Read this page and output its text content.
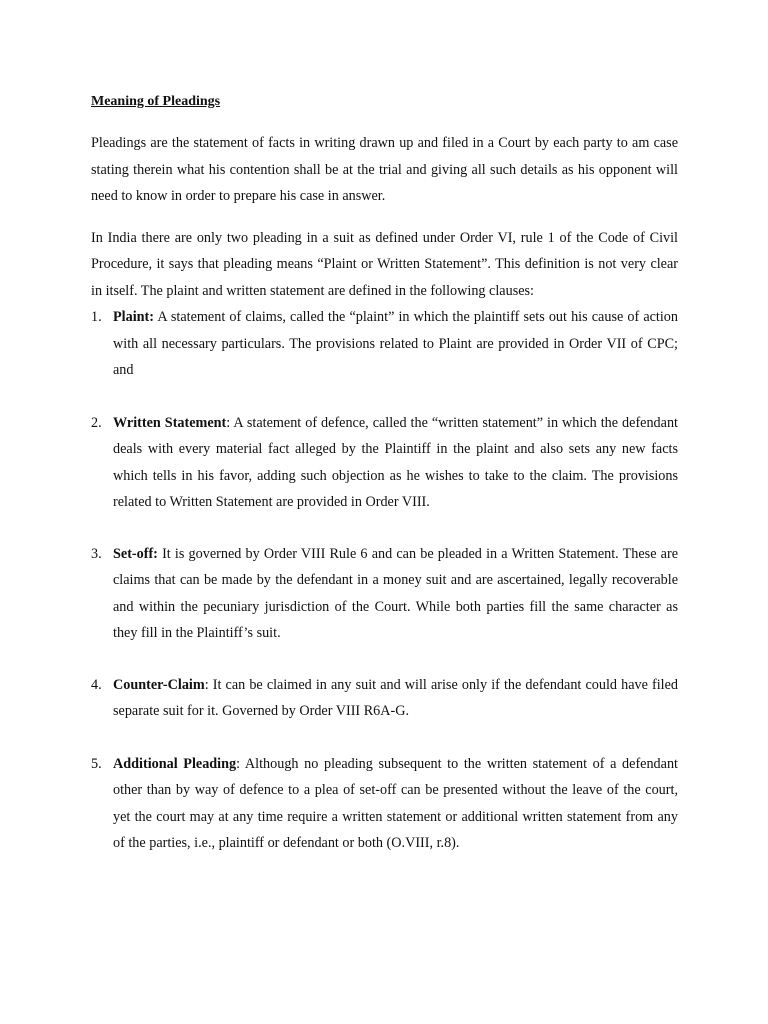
Meaning of Pleadings

Pleadings are the statement of facts in writing drawn up and filed in a Court by each party to am case stating therein what his contention shall be at the trial and giving all such details as his opponent will need to know in order to prepare his case in answer.

In India there are only two pleading in a suit as defined under Order VI, rule 1 of the Code of Civil Procedure, it says that pleading means “Plaint or Written Statement”. This definition is not very clear in itself. The plaint and written statement are defined in the following clauses:

1. Plaint: A statement of claims, called the “plaint” in which the plaintiff sets out his cause of action with all necessary particulars. The provisions related to Plaint are provided in Order VII of CPC; and
2. Written Statement: A statement of defence, called the “written statement” in which the defendant deals with every material fact alleged by the Plaintiff in the plaint and also sets any new facts which tells in his favor, adding such objection as he wishes to take to the claim. The provisions related to Written Statement are provided in Order VIII.
3. Set-off: It is governed by Order VIII Rule 6 and can be pleaded in a Written Statement. These are claims that can be made by the defendant in a money suit and are ascertained, legally recoverable and within the pecuniary jurisdiction of the Court. While both parties fill the same character as they fill in the Plaintiff’s suit.
4. Counter-Claim: It can be claimed in any suit and will arise only if the defendant could have filed separate suit for it. Governed by Order VIII R6A-G.
5. Additional Pleading: Although no pleading subsequent to the written statement of a defendant other than by way of defence to a plea of set-off can be presented without the leave of the court, yet the court may at any time require a written statement or additional written statement from any of the parties, i.e., plaintiff or defendant or both (O.VIII, r.8).
